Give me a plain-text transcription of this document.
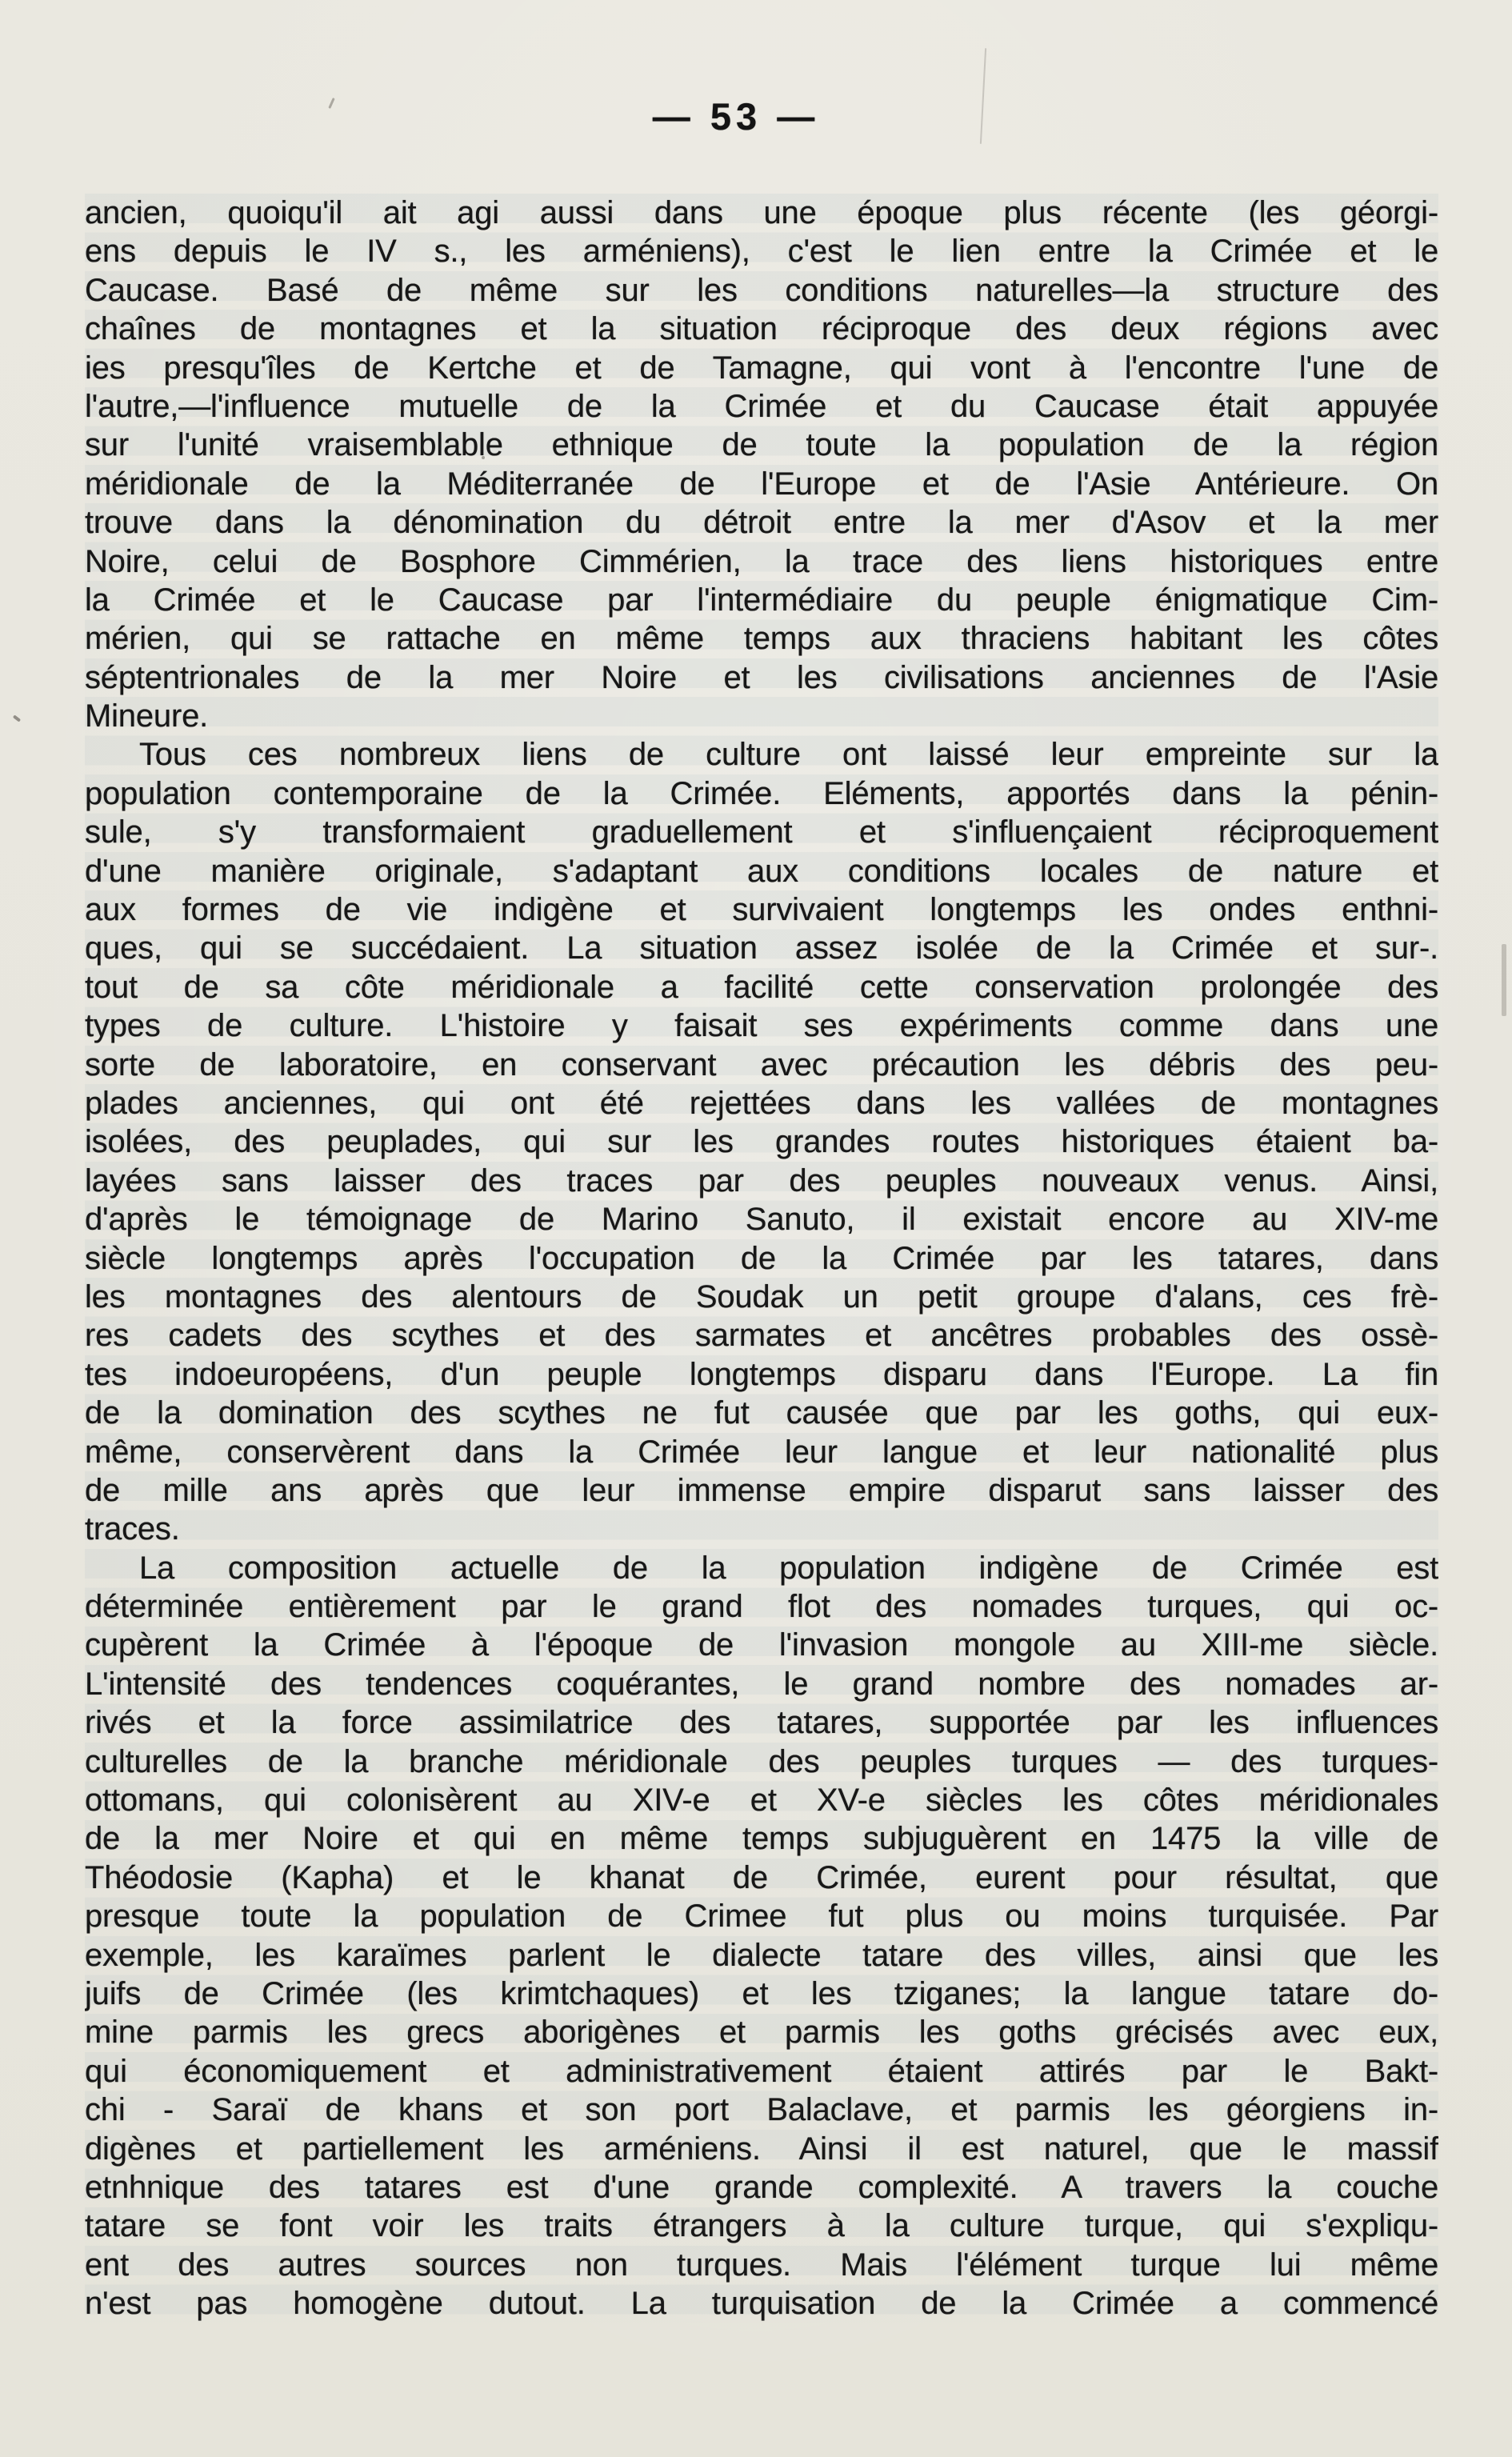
— 53 —
ancien, quoiqu'il ait agi aussi dans une époque plus récente (les géorgi-
ens depuis le IV s., les arméniens), c'est le lien entre la Crimée et le
Caucase. Basé de même sur les conditions naturelles—la structure des
chaînes de montagnes et la situation réciproque des deux régions avec
ies presqu'îles de Kertche et de Tamagne, qui vont à l'encontre l'une de
l'autre,—l'influence mutuelle de la Crimée et du Caucase était appuyée
sur l'unité vraisemblable ethnique de toute la population de la région
méridionale de la Méditerranée de l'Europe et de l'Asie Antérieure. On
trouve dans la dénomination du détroit entre la mer d'Asov et la mer
Noire, celui de Bosphore Cimmérien, la trace des liens historiques entre
la Crimée et le Caucase par l'intermédiaire du peuple énigmatique Cim-
mérien, qui se rattache en même temps aux thraciens habitant les côtes
séptentrionales de la mer Noire et les civilisations anciennes de l'Asie
Mineure.
Tous ces nombreux liens de culture ont laissé leur empreinte sur la
population contemporaine de la Crimée. Eléments, apportés dans la pénin-
sule, s'y transformaient graduellement et s'influençaient réciproquement
d'une manière originale, s'adaptant aux conditions locales de nature et
aux formes de vie indigène et survivaient longtemps les ondes enthni-
ques, qui se succédaient. La situation assez isolée de la Crimée et sur-.
tout de sa côte méridionale a facilité cette conservation prolongée des
types de culture. L'histoire y faisait ses expériments comme dans une
sorte de laboratoire, en conservant avec précaution les débris des peu-
plades anciennes, qui ont été rejettées dans les vallées de montagnes
isolées, des peuplades, qui sur les grandes routes historiques étaient ba-
layées sans laisser des traces par des peuples nouveaux venus. Ainsi,
d'après le témoignage de Marino Sanuto, il existait encore au XIV-me
siècle longtemps après l'occupation de la Crimée par les tatares, dans
les montagnes des alentours de Soudak un petit groupe d'alans, ces frè-
res cadets des scythes et des sarmates et ancêtres probables des ossè-
tes indoeuropéens, d'un peuple longtemps disparu dans l'Europe. La fin
de la domination des scythes ne fut causée que par les goths, qui eux-
même, conservèrent dans la Crimée leur langue et leur nationalité plus
de mille ans après que leur immense empire disparut sans laisser des
traces.
La composition actuelle de la population indigène de Crimée est
déterminée entièrement par le grand flot des nomades turques, qui oc-
cupèrent la Crimée à l'époque de l'invasion mongole au XIII-me siècle.
L'intensité des tendences coquérantes, le grand nombre des nomades ar-
rivés et la force assimilatrice des tatares, supportée par les influences
culturelles de la branche méridionale des peuples turques — des turques-
ottomans, qui colonisèrent au XIV-e et XV-e siècles les côtes méridionales
de la mer Noire et qui en même temps subjuguèrent en 1475 la ville de
Théodosie (Kapha) et le khanat de Crimée, eurent pour résultat, que
presque toute la population de Crimee fut plus ou moins turquisée. Par
exemple, les karaïmes parlent le dialecte tatare des villes, ainsi que les
juifs de Crimée (les krimtchaques) et les tziganes; la langue tatare do-
mine parmis les grecs aborigènes et parmis les goths grécisés avec eux,
qui économiquement et administrativement étaient attirés par le Bakt-
chi - Saraï de khans et son port Balaclave, et parmis les géorgiens in-
digènes et partiellement les arméniens. Ainsi il est naturel, que le massif
etnhnique des tatares est d'une grande complexité. A travers la couche
tatare se font voir les traits étrangers à la culture turque, qui s'expliqu-
ent des autres sources non turques. Mais l'élément turque lui même
n'est pas homogène dutout. La turquisation de la Crimée a commencé
